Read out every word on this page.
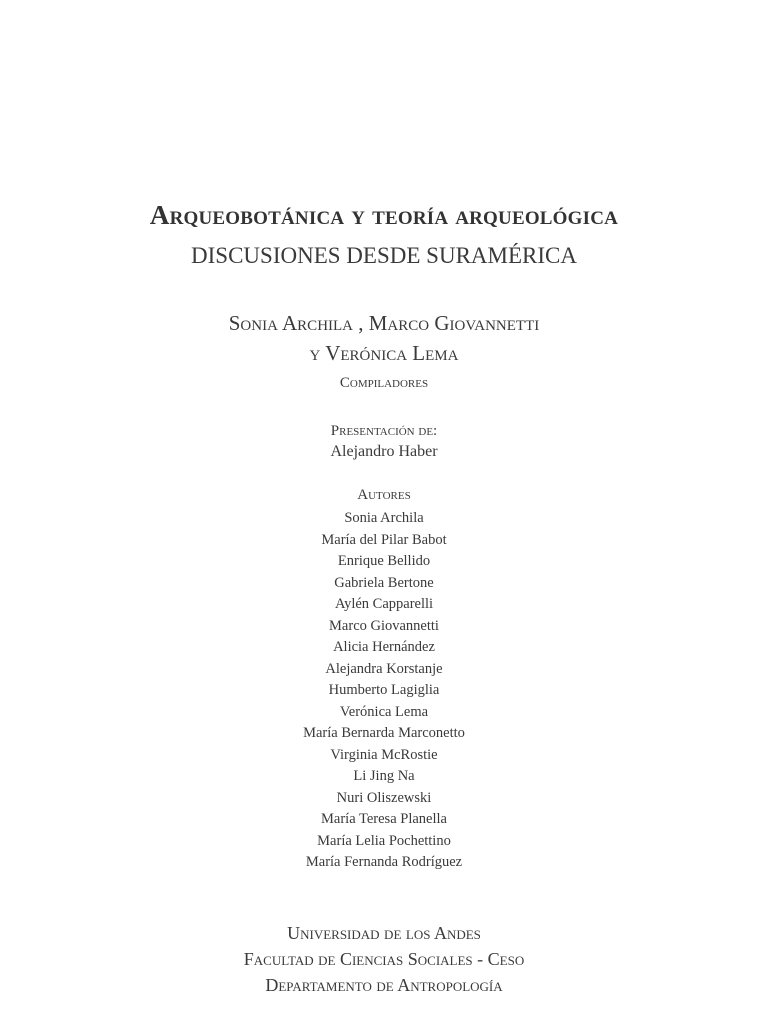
Arqueobotánica y teoría arqueológica
DISCUSIONES DESDE SURAMÉRICA
Sonia Archila , Marco Giovannetti
y Verónica Lema
Compiladores
Presentación de:
Alejandro Haber
Autores
Sonia Archila
María del Pilar Babot
Enrique Bellido
Gabriela Bertone
Aylén Capparelli
Marco Giovannetti
Alicia Hernández
Alejandra Korstanje
Humberto Lagiglia
Verónica Lema
María Bernarda Marconetto
Virginia McRostie
Li Jing Na
Nuri Oliszewski
María Teresa Planella
María Lelia Pochettino
María Fernanda Rodríguez
Universidad de los Andes
Facultad de Ciencias Sociales - Ceso
Departamento de Antropología
